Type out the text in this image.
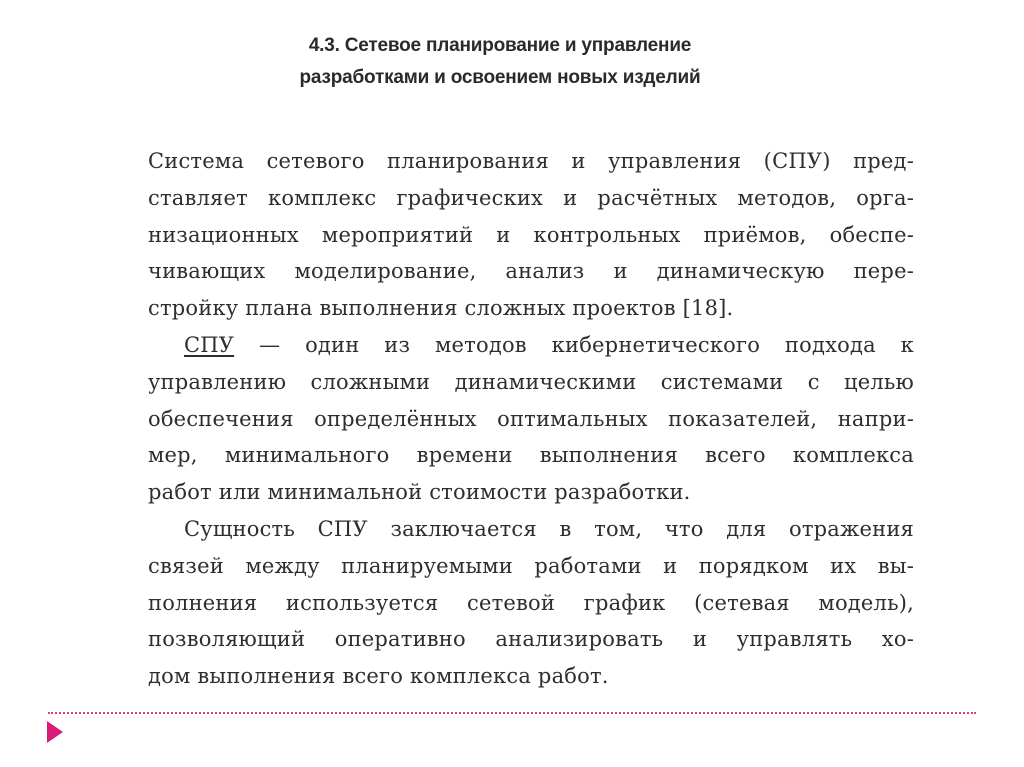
4.3. Сетевое планирование и управление
разработками и освоением новых изделий
Система сетевого планирования и управления (СПУ) пред-
ставляет комплекс графических и расчётных методов, орга-
низационных мероприятий и контрольных приёмов, обеспе-
чивающих моделирование, анализ и динамическую пере-
стройку плана выполнения сложных проектов [18].
СПУ — один из методов кибернетического подхода к
управлению сложными динамическими системами с целью
обеспечения определённых оптимальных показателей, напри-
мер, минимального времени выполнения всего комплекса
работ или минимальной стоимости разработки.
Сущность СПУ заключается в том, что для отражения
связей между планируемыми работами и порядком их вы-
полнения используется сетевой график (сетевая модель),
позволяющий оперативно анализировать и управлять хо-
дом выполнения всего комплекса работ.
